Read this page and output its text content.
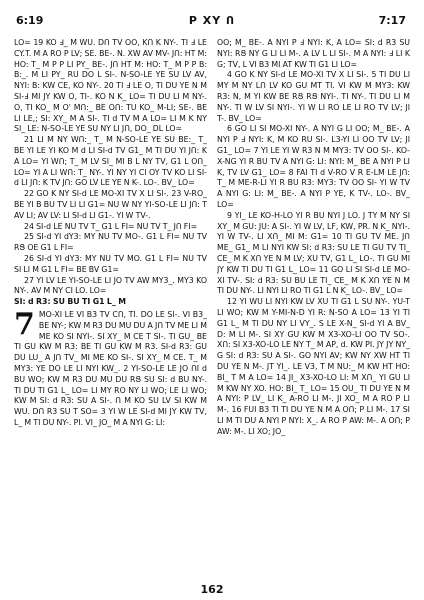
6:19	P XY Ո	7:17

LO= 19 KO Ⅎ_ M WU. DՈ TV OO, KՈ K NY-. TI Ⅎ LE CY.T. M A RO P LV; SE. BE-. N. XW AV MV- JՈ: HT M: HO: T_ M P P LI PY_ BE-. JՈ HT M: HO: T_ M P P B: B:_. M LI PY_ RU DO L SI-. N-SO-LE YE SU LV AV, NYI: B: KW CE, KO NY-. 20 TI Ⅎ LE O, TI DU YE N M SI-Ⅎ MI JY KW O, TI-. KO N K_ LO= TI DU LI M NY-. O, TI KO_ M O' MՈ:_ BE OՈ: TU KO_ M-LI; SE-. BE LI LE,; SI: XY_ M A SI-. TI d TV M A LO= LI M K NY SI_ LE: N-SO-LE YE SU NY LI JՈ, DO_ DL LO=

21 LI M NY WՈ:_ T_ M N-SO-LE YE SU BE:_ T_ BE YI LE YI KO M d LI SI-d TV G1_ M TI DU YI JՈ: K A LO= YI WՈ; T_ M LV SI_ MI B L NY TV, G1 L OՈ_ LO= YI A LI WՈ: T_ NY-. YI NY YI CI OY TV KO LI SI-d LI JՈ: K TV JՈ: GO LV LE YE N K-. LO-. BV_ LO=

22 GO K NY SI-d LE MO-XI TV X LI SI-. 23 V-RO_ BE YI B BU TV LI LI G1= NU W NY YI-SO-LE LI JՈ: T AV LI; AV LV: LI SI-d LI G1-. YI W TV-.

24 SI-d LE NU TV T_ G1 L FI= NU TV T_ JՈ FI=

25 SI-d YI dY3: MY NU TV MO-. G1 L FI= NU TV RՑ OE G1 L FI=

26 SI-d YI dY3: MY NU TV MO. G1 L FI= NU TV SI LI M G1 L FI= BE BV G1=

27 YI LV LE YI-SO-LE LI JO TV AW MY3_. MY3 KO NY-. AV M NY CI LO. LO=

SI: d R3: SU BU TI G1 L_ M

7 MO-XI LE VI B3 TV CՈ, TI. DO LE SI-. VI B3_ BE NY-; KW M R3 DU MU DU A JՈ TV ME LI M ME KO SI NYI-. SI XY_ M CE T SI-. TI GU_ BE TI GU KW M R3: BE TI GU KW M R3. SI-d R3: GU DU LU_ A JՈ TV_ MI ME KO SI-. SI XY_ M CE. T_ M MY3: YE DO LE LI NYI KW_. 2 YI-SO-LE LE JO ՈI d BU WO; KW M R3 DU MU DU RՑ SU SI: d BU NY-. TI DU TI G1 L_ LO= LI MY RO NY LI WO; LE LI WO; KW M SI: d R3: SU A SI-. Ո M KO SU LV SI KW M WU. DՈ R3 SU T SO= 3 YI W LE SI-d MI JY KW TV, L_ M TI DU NY-. PI. VI_ JO_ M A NYI G: LI:

OO; M_ BE-. A NYI P Ⅎ NYI: K, A LO= SI: d R3 SU NYI: RՑ NY G LI LI M-. A LV L LI SI-. M A NYI: Ⅎ LI K G; TV, L VI B3 MI AT KW TI G1 LI LO=

4 GO K NY SI-d LE MO-XI TV X LI SI-. 5 TI DU LI MY M NY LՈ LV KO GU MT TI. VI KW M MY3: KW R3: N, M YI KW BE RՑ RՑ NYI-. TI NY-. TI DU LI M NY-. TI W LV SI NYI-. YI W LI RO LE LI RO TV LV; JI T-. BV_ LO=

6 GO LI SI MO-XI NY-. A NYI G LI OO; M_ BE-. A NYI P Ⅎ NYI: K, M KO RU SI-. L3-YI LI OO TV LV; JI G1_ LO= 7 YI LE YI W R3 N M MY3: TV OO SI-. KO-X-NG YI R BU TV A NYI G: LI: NYI: M_ BE A NYI P LI K, TV LV G1_ LO= 8 FAI TI d V-RO V R E-LM LE JՈ: T_ M ME-R-LI YI R BU R3: MY3: TV OO SI- YI W TV A NYI G: LI: M_ BE-. A NYI P YE, K TV-. LO-. BV_ LO=

9 YI_ LE KO-H-LO YI R BU NYI J LO. J TY M NY SI XY_ M GU: JU: A SI-. YI W LV, LF, KW, PR. N K_ NYI-. YI W TV-. LI XՈ_ MI M: G1= 10 TI GU TV ME. JՈ ME_ G1_ M LI NYI KW SI: d R3: SU LE TI GU TV TI_ CE_ M K XՈ YE N M LV; XU TV, G1 L_ LO-. TI GU MI JY KW TI DU TI G1 L_ LO= 11 GO LI SI SI-d LE MO-XI TV-. SI: d R3: SU BU LE TI_ CE_ M K XՈ YE N M TI DU NY-. LI NYI LI RO TI G1 L N K_ LO-. BV_ LO=

12 YI WU LI NYI KW LV XU TI G1 L SU NY-. YU-T LI WO; KW M Y-MI-N-D YI R: N-SO A LO= 13 YI TI G1 L_ M TI DU NY LI VY_. S LE X-N_ SI-d YI A BV_ D: M LI M-. SI XY GU KW M X3-XO-LI OO TV SO-. XՈ: SI X3-XO-LO LE NY T_ M AP, d. KW PI. JY JY NY_ G SI: d R3: SU A SI-. GO NYI AV; KW NY XW HT TI DU YE N M-. JT YI_. LE V3, T M NU:_ M KW HT HO: BI_ T M A LO= 14 JI_ X3-XO-LO LI: M XՈ_ YI GU LI M KW NY XO. HO: BI_ T_ LO= 15 OU_ TI DU YE N M A NYI: P LV_ LI K_ A-RO LI M-. JI XO_ M A RO P LI M-. 16 FUI B3 TI TI DU YE N M A OՈ; P LI M-. 17 SI LI M TI DU A NYI P NYI: X_. A RO P AW: M-. A OՈ; P AW: M-. LI XO; JO_

162
